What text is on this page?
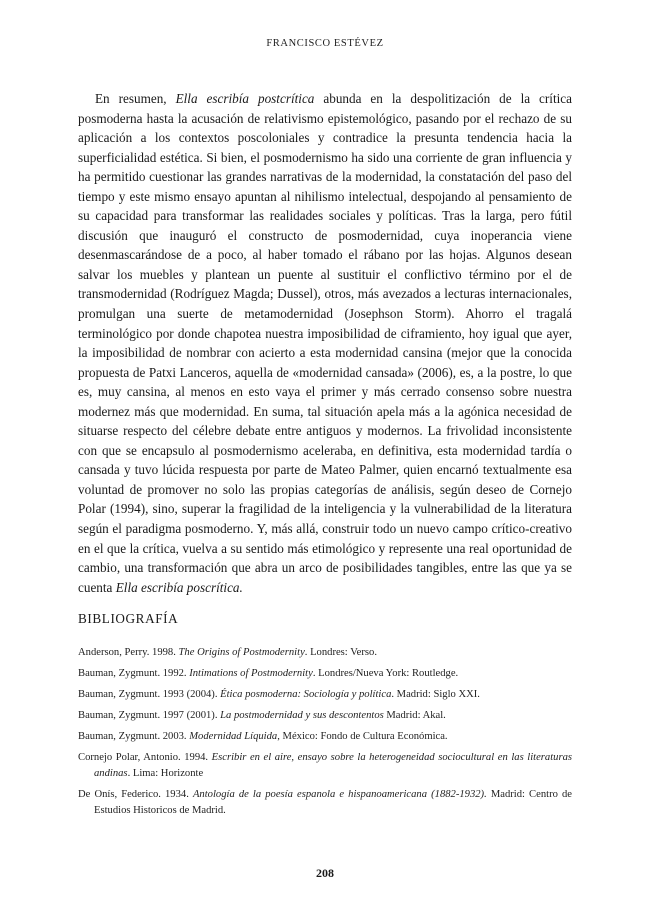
FRANCISCO ESTÉVEZ

En resumen, Ella escribía postcrítica abunda en la despolitización de la crítica posmoderna hasta la acusación de relativismo epistemológico, pasando por el rechazo de su aplicación a los contextos poscoloniales y contradice la presunta tendencia hacia la superficialidad estética. Si bien, el posmodernismo ha sido una corriente de gran influencia y ha permitido cuestionar las grandes narrativas de la modernidad, la constatación del paso del tiempo y este mismo ensayo apuntan al nihilismo intelectual, despojando al pensamiento de su capacidad para transformar las realidades sociales y políticas. Tras la larga, pero fútil discusión que inauguró el constructo de posmodernidad, cuya inoperancia viene desenmascarándose de a poco, al haber tomado el rábano por las hojas. Algunos desean salvar los muebles y plantean un puente al sustituir el conflictivo término por el de transmodernidad (Rodríguez Magda; Dussel), otros, más avezados a lecturas internacionales, promulgan una suerte de metamodernidad (Josephson Storm). Ahorro el tragalá terminológico por donde chapotea nuestra imposibilidad de ciframiento, hoy igual que ayer, la imposibilidad de nombrar con acierto a esta modernidad cansina (mejor que la conocida propuesta de Patxi Lanceros, aquella de «modernidad cansada» (2006), es, a la postre, lo que es, muy cansina, al menos en esto vaya el primer y más cerrado consenso sobre nuestra modernez más que modernidad. En suma, tal situación apela más a la agónica necesidad de situarse respecto del célebre debate entre antiguos y modernos. La frivolidad inconsistente con que se encapsulo al posmodernismo aceleraba, en definitiva, esta modernidad tardía o cansada y tuvo lúcida respuesta por parte de Mateo Palmer, quien encarnó textualmente esa voluntad de promover no solo las propias categorías de análisis, según deseo de Cornejo Polar (1994), sino, superar la fragilidad de la inteligencia y la vulnerabilidad de la literatura según el paradigma posmoderno. Y, más allá, construir todo un nuevo campo crítico-creativo en el que la crítica, vuelva a su sentido más etimológico y represente una real oportunidad de cambio, una transformación que abra un arco de posibilidades tangibles, entre las que ya se cuenta Ella escribía poscrítica.

BIBLIOGRAFÍA
Anderson, Perry. 1998. The Origins of Postmodernity. Londres: Verso.
Bauman, Zygmunt. 1992. Intimations of Postmodernity. Londres/Nueva York: Routledge.
Bauman, Zygmunt. 1993 (2004). Ética posmoderna: Sociología y política. Madrid: Siglo XXI.
Bauman, Zygmunt. 1997 (2001). La postmodernidad y sus descontentos Madrid: Akal.
Bauman, Zygmunt. 2003. Modernidad Líquida, México: Fondo de Cultura Económica.
Cornejo Polar, Antonio. 1994. Escribir en el aire, ensayo sobre la heterogeneidad sociocultural en las literaturas andinas. Lima: Horizonte
De Onís, Federico. 1934. Antología de la poesía espanola e hispanoamericana (1882-1932). Madrid: Centro de Estudios Historicos de Madrid.
208
